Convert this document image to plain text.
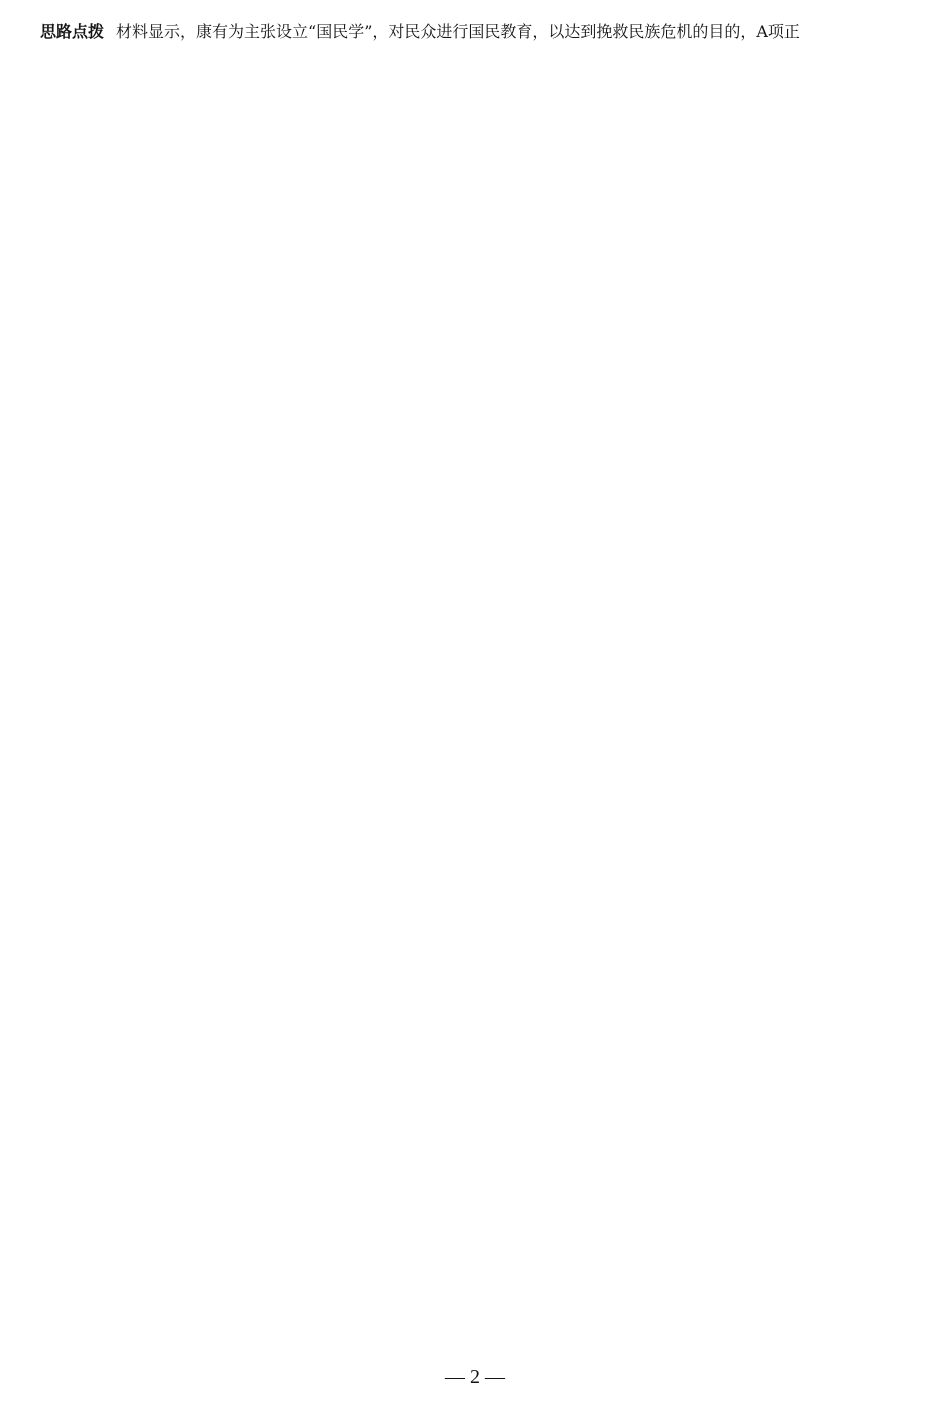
思路点拨 材料显示，康有为主张设立“国民学”，对民众进行国民教育，以达到挽救民族危机的目的，A项正
— 2 —
